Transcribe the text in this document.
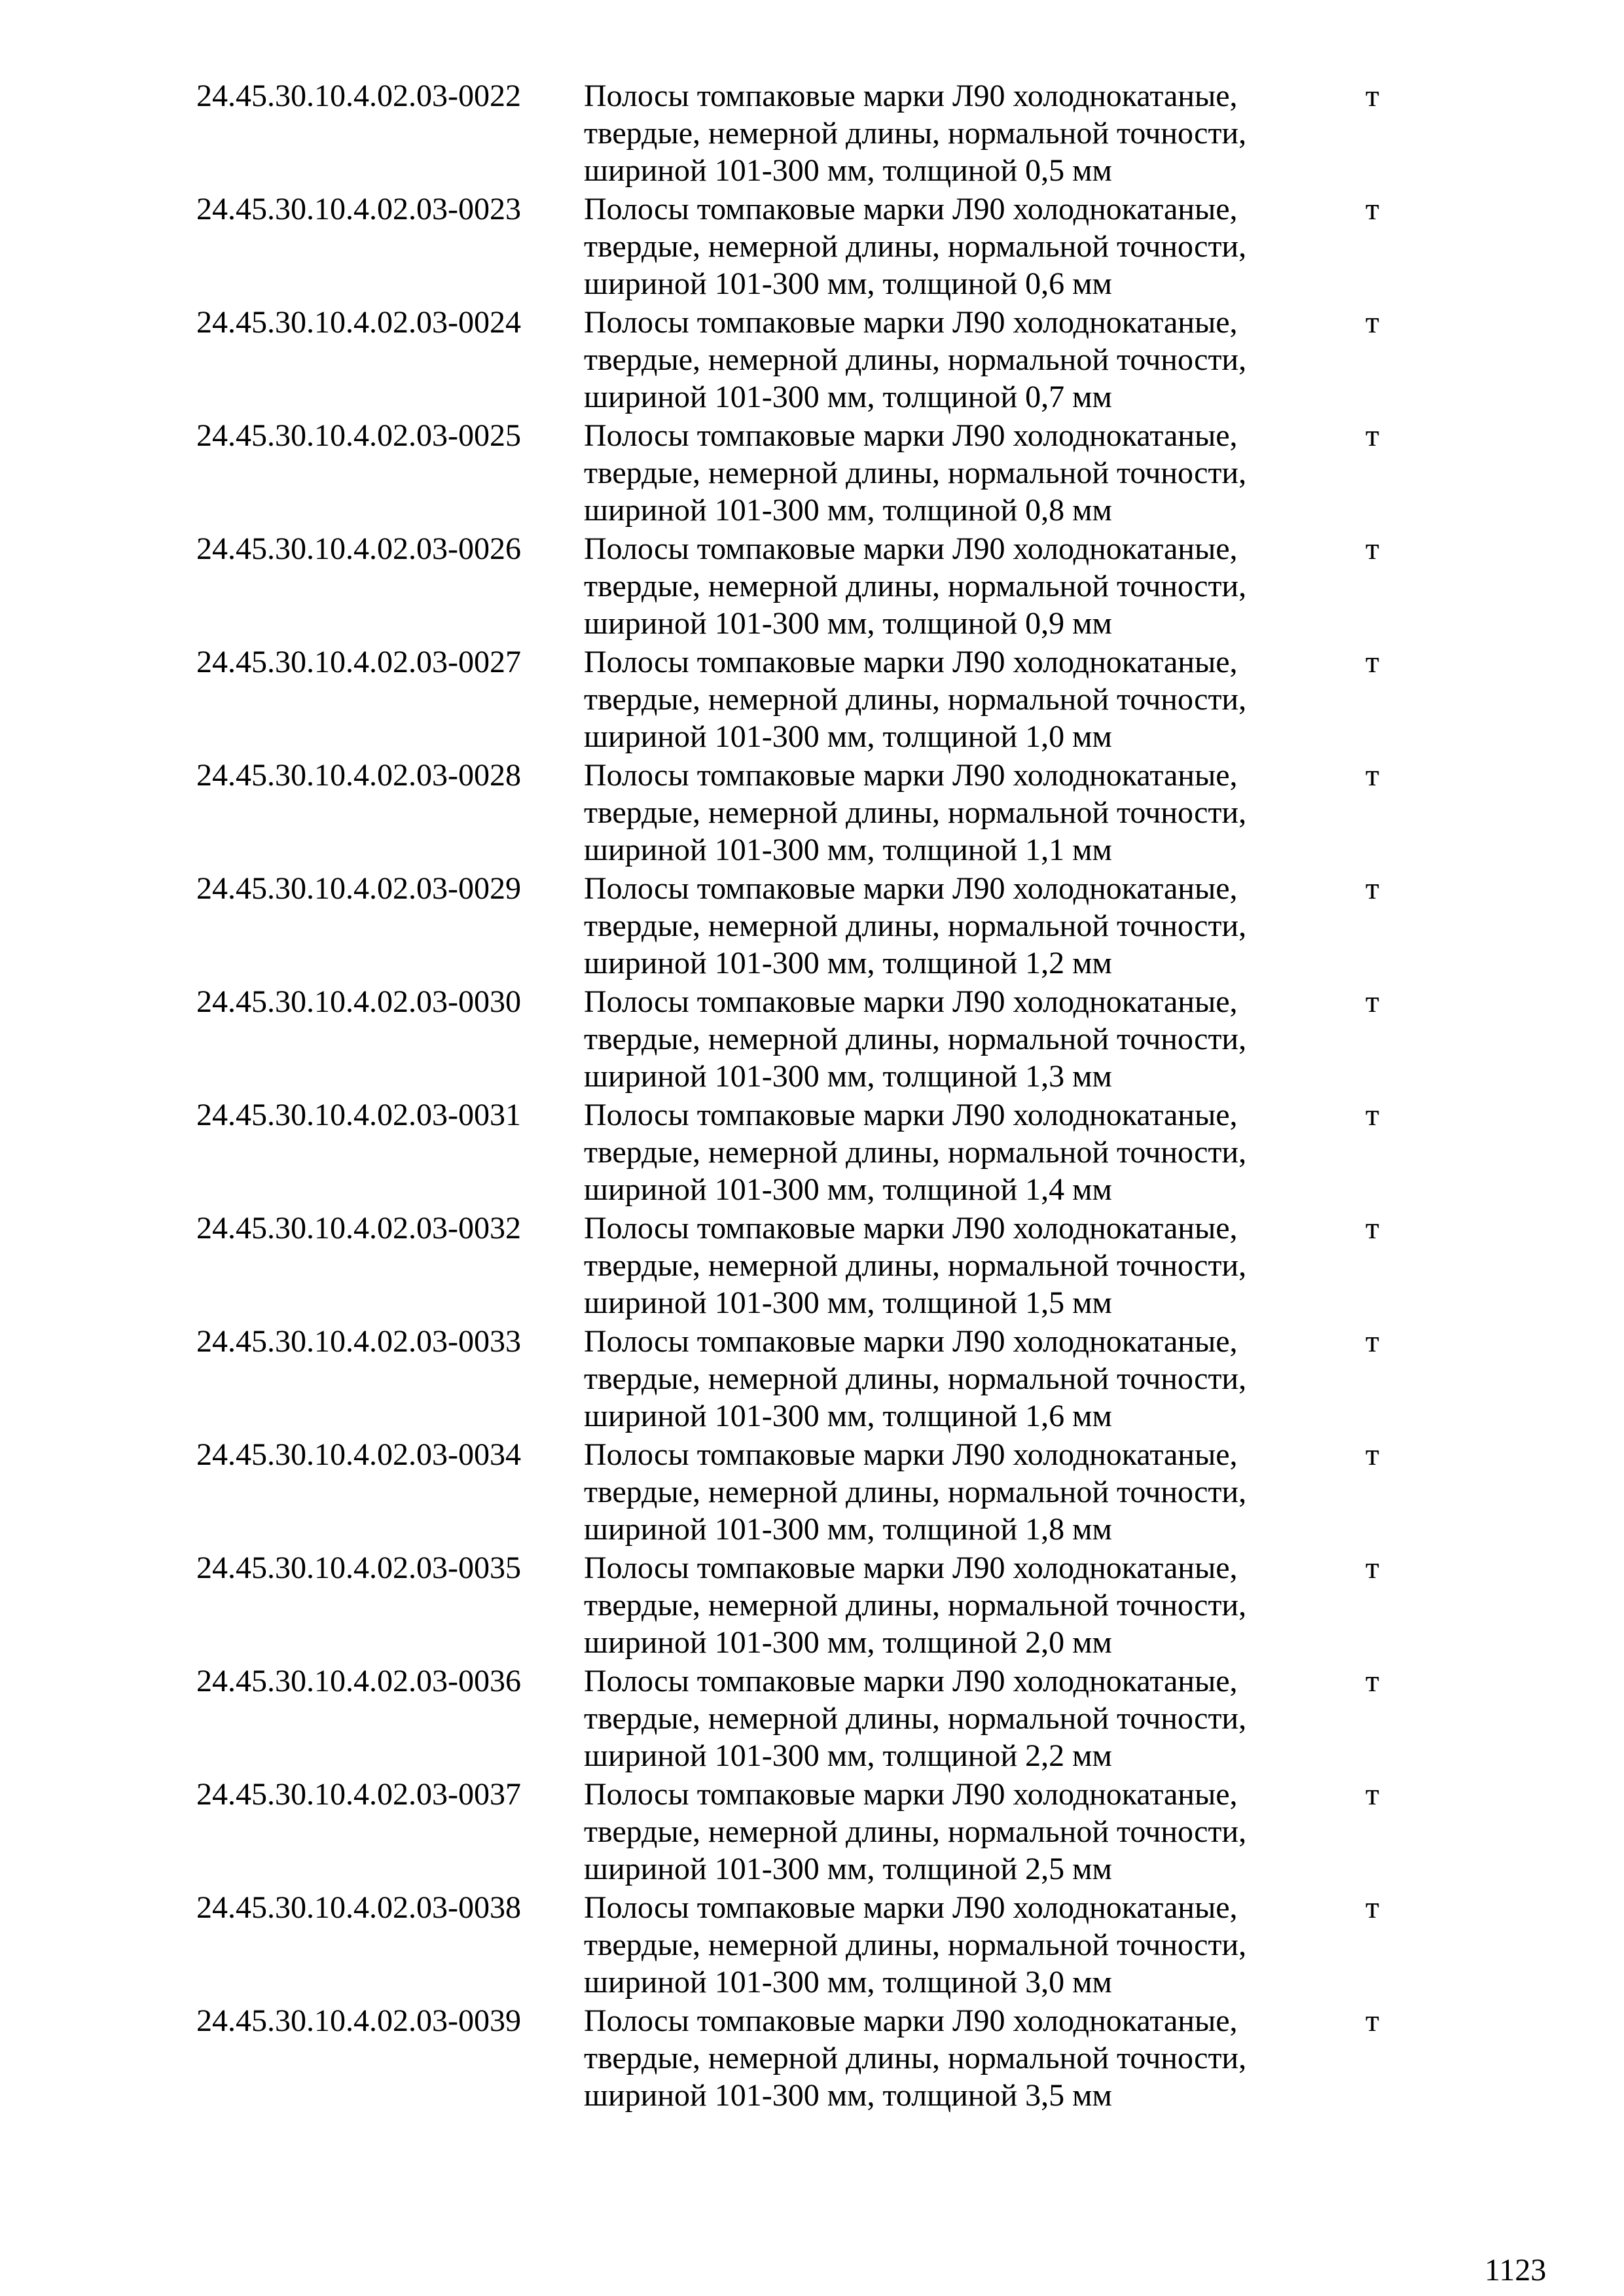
24.45.30.10.4.02.03-0022	Полосы томпаковые марки Л90 холоднокатаные,
твердые, немерной длины, нормальной точности,
шириной 101-300 мм, толщиной 0,5 мм
т
24.45.30.10.4.02.03-0023	Полосы томпаковые марки Л90 холоднокатаные,
твердые, немерной длины, нормальной точности,
шириной 101-300 мм, толщиной 0,6 мм
т
24.45.30.10.4.02.03-0024	Полосы томпаковые марки Л90 холоднокатаные,
твердые, немерной длины, нормальной точности,
шириной 101-300 мм, толщиной 0,7 мм
т
24.45.30.10.4.02.03-0025	Полосы томпаковые марки Л90 холоднокатаные,
твердые, немерной длины, нормальной точности,
шириной 101-300 мм, толщиной 0,8 мм
т
24.45.30.10.4.02.03-0026	Полосы томпаковые марки Л90 холоднокатаные,
твердые, немерной длины, нормальной точности,
шириной 101-300 мм, толщиной 0,9 мм
т
24.45.30.10.4.02.03-0027	Полосы томпаковые марки Л90 холоднокатаные,
твердые, немерной длины, нормальной точности,
шириной 101-300 мм, толщиной 1,0 мм
т
24.45.30.10.4.02.03-0028	Полосы томпаковые марки Л90 холоднокатаные,
твердые, немерной длины, нормальной точности,
шириной 101-300 мм, толщиной 1,1 мм
т
24.45.30.10.4.02.03-0029	Полосы томпаковые марки Л90 холоднокатаные,
твердые, немерной длины, нормальной точности,
шириной 101-300 мм, толщиной 1,2 мм
т
24.45.30.10.4.02.03-0030	Полосы томпаковые марки Л90 холоднокатаные,
твердые, немерной длины, нормальной точности,
шириной 101-300 мм, толщиной 1,3 мм
т
24.45.30.10.4.02.03-0031	Полосы томпаковые марки Л90 холоднокатаные,
твердые, немерной длины, нормальной точности,
шириной 101-300 мм, толщиной 1,4 мм
т
24.45.30.10.4.02.03-0032	Полосы томпаковые марки Л90 холоднокатаные,
твердые, немерной длины, нормальной точности,
шириной 101-300 мм, толщиной 1,5 мм
т
24.45.30.10.4.02.03-0033	Полосы томпаковые марки Л90 холоднокатаные,
твердые, немерной длины, нормальной точности,
шириной 101-300 мм, толщиной 1,6 мм
т
24.45.30.10.4.02.03-0034	Полосы томпаковые марки Л90 холоднокатаные,
твердые, немерной длины, нормальной точности,
шириной 101-300 мм, толщиной 1,8 мм
т
24.45.30.10.4.02.03-0035	Полосы томпаковые марки Л90 холоднокатаные,
твердые, немерной длины, нормальной точности,
шириной 101-300 мм, толщиной 2,0 мм
т
24.45.30.10.4.02.03-0036	Полосы томпаковые марки Л90 холоднокатаные,
твердые, немерной длины, нормальной точности,
шириной 101-300 мм, толщиной 2,2 мм
т
24.45.30.10.4.02.03-0037	Полосы томпаковые марки Л90 холоднокатаные,
твердые, немерной длины, нормальной точности,
шириной 101-300 мм, толщиной 2,5 мм
т
24.45.30.10.4.02.03-0038	Полосы томпаковые марки Л90 холоднокатаные,
твердые, немерной длины, нормальной точности,
шириной 101-300 мм, толщиной 3,0 мм
т
24.45.30.10.4.02.03-0039	Полосы томпаковые марки Л90 холоднокатаные,
твердые, немерной длины, нормальной точности,
шириной 101-300 мм, толщиной 3,5 мм
т
1123
